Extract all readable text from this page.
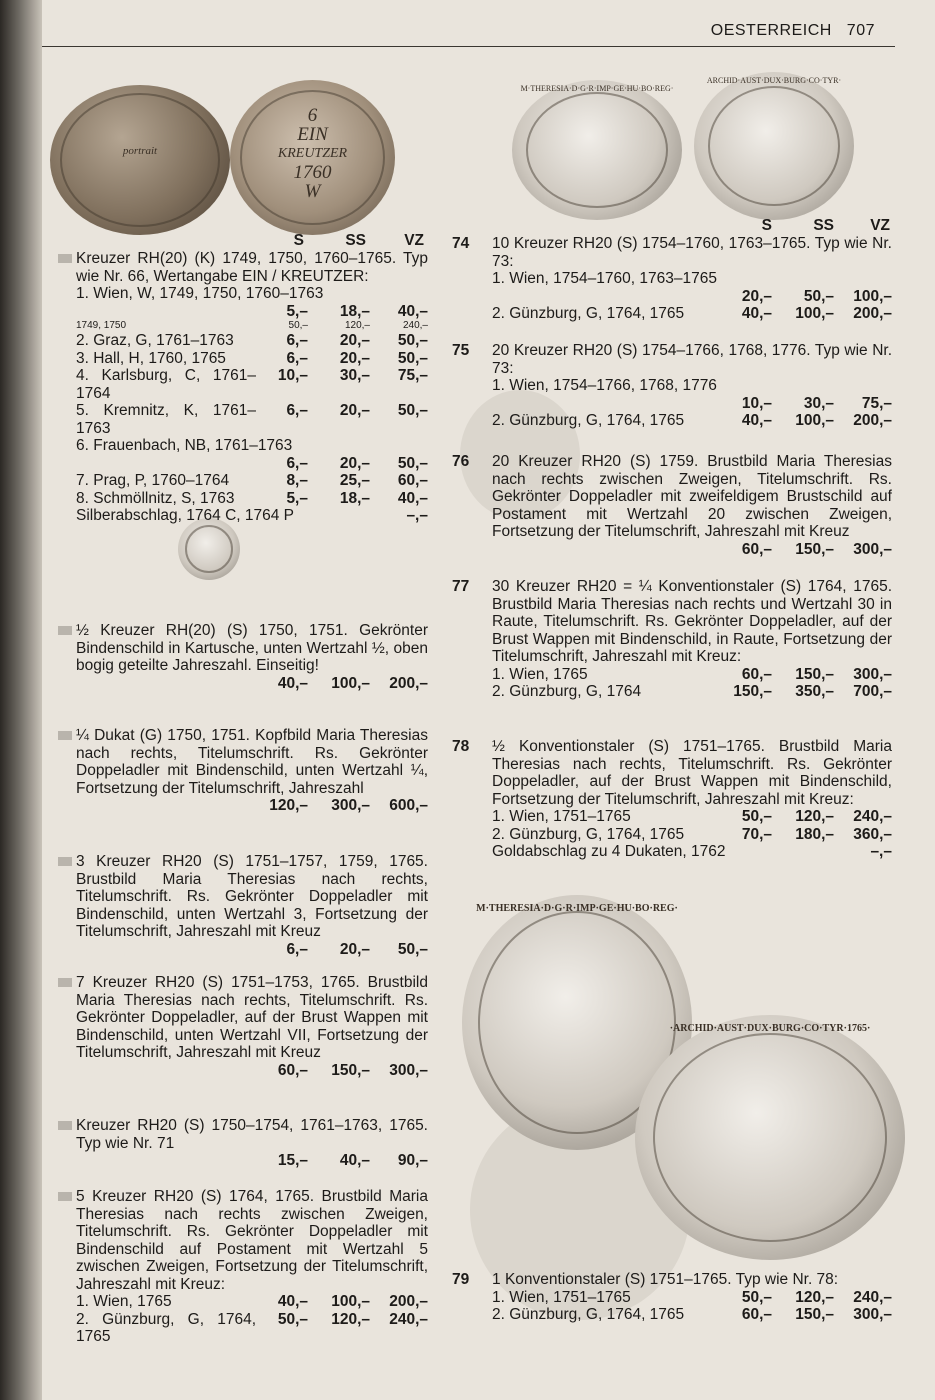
OESTERREICH 707
portrait
6
EIN
KREUTZER
1760
W
M·THERESIA·D·G·R·IMP·GE·HU·BO·REG·
ARCHID·AUST·DUX·BURG·CO·TYR·
S	SS VZ
S	SS VZ
M·THERESIA·D·G·R·IMP·GE·HU·BO·REG·
·ARCHID·AUST·DUX·BURG·CO·TYR·1765·
Kreuzer RH(20) (K) 1749, 1750, 1760–1765. Typ wie Nr. 66, Wertangabe EIN / KREUTZER:
1. Wien, W, 1749, 1750, 1760–1763
5,–	18,–	40,–
1749, 1750	50,–	120,–	240,–
2. Graz, G, 1761–1763	6,–	20,–	50,–
3. Hall, H, 1760, 1765	6,–	20,–	50,–
4. Karlsburg, C, 1761–1764
10,–	30,–	75,–
5. Kremnitz, K, 1761–1763
6,–	20,–	50,–
6. Frauenbach, NB, 1761–1763
6,–	20,–	50,–
7. Prag, P, 1760–1764	8,–	25,–	60,–
8. Schmöllnitz, S, 1763	5,–	18,–	40,–
Silberabschlag, 1764 C, 1764 P	–,–
½ Kreuzer RH(20) (S) 1750, 1751. Gekrönter Bindenschild in Kartusche, unten Wertzahl ½, oben bogig geteilte Jahreszahl. Einseitig!
40,–	100,–	200,–
¼ Dukat (G) 1750, 1751. Kopfbild Maria Theresias nach rechts, Titelumschrift. Rs. Gekrönter Doppeladler mit Bindenschild, unten Wertzahl ¼, Fortsetzung der Titelumschrift, Jahreszahl
120,–	300,–	600,–
3 Kreuzer RH20 (S) 1751–1757, 1759, 1765. Brustbild Maria Theresias nach rechts, Titelumschrift. Rs. Gekrönter Doppeladler mit Bindenschild, unten Wertzahl 3, Fortsetzung der Titelumschrift, Jahreszahl mit Kreuz
6,–	20,–	50,–
7 Kreuzer RH20 (S) 1751–1753, 1765. Brustbild Maria Theresias nach rechts, Titelumschrift. Rs. Gekrönter Doppeladler, auf der Brust Wappen mit Bindenschild, unten Wertzahl VII, Fortsetzung der Titelumschrift, Jahreszahl mit Kreuz
60,–	150,–	300,–
Kreuzer RH20 (S) 1750–1754, 1761–1763, 1765. Typ wie Nr. 71
15,–	40,–	90,–
5 Kreuzer RH20 (S) 1764, 1765. Brustbild Maria Theresias nach rechts zwischen Zweigen, Titelumschrift. Rs. Gekrönter Doppeladler mit Bindenschild auf Postament mit Wertzahl 5 zwischen Zweigen, Fortsetzung der Titelumschrift, Jahreszahl mit Kreuz:
1. Wien, 1765	40,–	100,–	200,–
2. Günzburg, G, 1764, 1765
50,–	120,–	240,–
74	10 Kreuzer RH20 (S) 1754–1760, 1763–1765. Typ wie Nr. 73:
1. Wien, 1754–1760, 1763–1765
20,–	50,–	100,–
2. Günzburg, G, 1764, 1765	40,–	100,–	200,–
75	20 Kreuzer RH20 (S) 1754–1766, 1768, 1776. Typ wie Nr. 73:
1. Wien, 1754–1766, 1768, 1776
10,–	30,–	75,–
2. Günzburg, G, 1764, 1765	40,–	100,–	200,–
76	20 Kreuzer RH20 (S) 1759. Brustbild Maria Theresias nach rechts zwischen Zweigen, Titelumschrift. Rs. Gekrönter Doppeladler mit zweifeldigem Brustschild auf Postament mit Wertzahl 20 zwischen Zweigen, Fortsetzung der Titelumschrift, Jahreszahl mit Kreuz
60,–	150,–	300,–
77	30 Kreuzer RH20 = ¼ Konventionstaler (S) 1764, 1765. Brustbild Maria Theresias nach rechts und Wertzahl 30 in Raute, Titelumschrift. Rs. Gekrönter Doppeladler, auf der Brust Wappen mit Bindenschild, in Raute, Fortsetzung der Titelumschrift, Jahreszahl mit Kreuz:
1. Wien, 1765	60,–	150,–	300,–
2. Günzburg, G, 1764	150,–	350,–	700,–
78	½ Konventionstaler (S) 1751–1765. Brustbild Maria Theresias nach rechts, Titelumschrift. Rs. Gekrönter Doppeladler, auf der Brust Wappen mit Bindenschild, Fortsetzung der Titelumschrift, Jahreszahl mit Kreuz:
1. Wien, 1751–1765	50,–	120,–	240,–
2. Günzburg, G, 1764, 1765	70,–	180,–	360,–
Goldabschlag zu 4 Dukaten, 1762	–,–
79	1 Konventionstaler (S) 1751–1765. Typ wie Nr. 78:
1. Wien, 1751–1765	50,–	120,–	240,–
2. Günzburg, G, 1764, 1765	60,–	150,–	300,–
